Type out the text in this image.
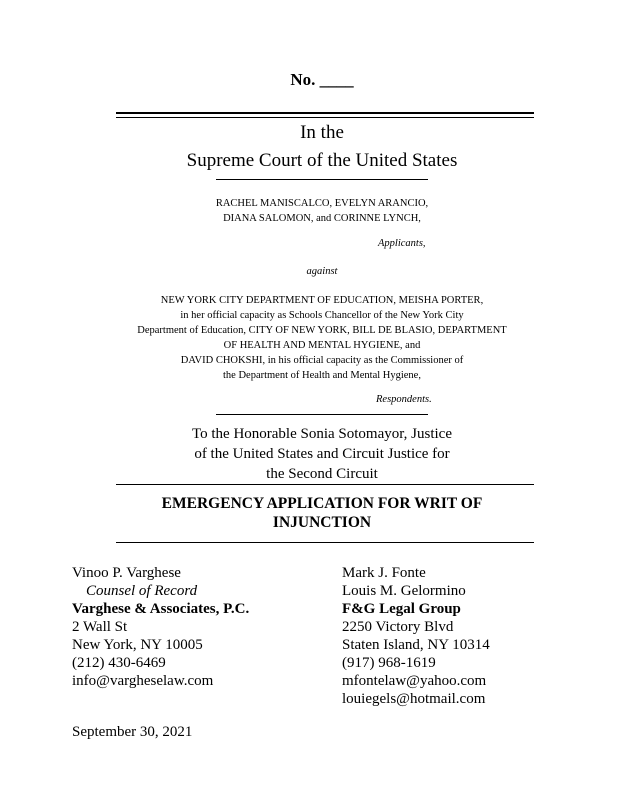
No. ____
In the
Supreme Court of the United States
RACHEL MANISCALCO, EVELYN ARANCIO,
DIANA SALOMON, and CORINNE LYNCH,
Applicants,
against
NEW YORK CITY DEPARTMENT OF EDUCATION, MEISHA PORTER,
in her official capacity as Schools Chancellor of the New York City
Department of Education, CITY OF NEW YORK, BILL DE BLASIO, DEPARTMENT
OF HEALTH AND MENTAL HYGIENE, and
DAVID CHOKSHI, in his official capacity as the Commissioner of
the Department of Health and Mental Hygiene,
Respondents.
To the Honorable Sonia Sotomayor, Justice
of the United States and Circuit Justice for
the Second Circuit
EMERGENCY APPLICATION FOR WRIT OF
INJUNCTION
Vinoo P. Varghese
Counsel of Record
Varghese & Associates, P.C.
2 Wall St
New York, NY 10005
(212) 430-6469
info@vargheselaw.com
Mark J. Fonte
Louis M. Gelormino
F&G Legal Group
2250 Victory Blvd
Staten Island, NY 10314
(917) 968-1619
mfontelaw@yahoo.com
louiegels@hotmail.com
September 30, 2021
